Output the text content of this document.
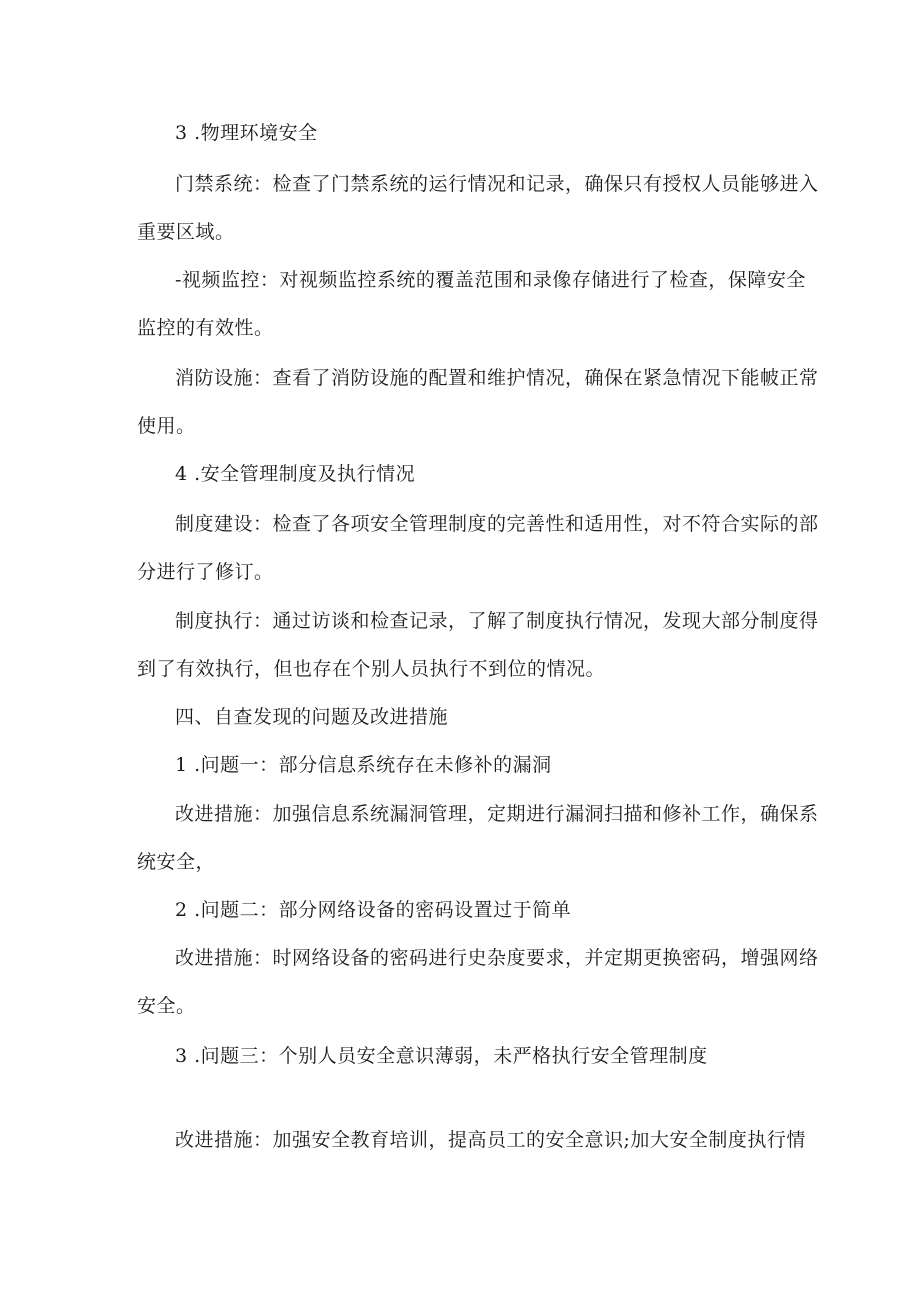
3 .物理环境安全
门禁系统：检查了门禁系统的运行情况和记录，确保只有授权人员能够进入
重要区域。
-视频监控：对视频监控系统的覆盖范围和录像存储进行了检查，保障安全
监控的有效性。
消防设施：查看了消防设施的配置和维护情况，确保在紧急情况下能帔正常
使用。
4 .安全管理制度及执行情况
制度建设：检查了各项安全管理制度的完善性和适用性，对不符合实际的部
分进行了修订。
制度执行：通过访谈和检查记录，了解了制度执行情况，发现大部分制度得
到了有效执行，但也存在个别人员执行不到位的情况。
四、自查发现的问题及改进措施
1 .问题一：部分信息系统存在未修补的漏洞
改进措施：加强信息系统漏洞管理，定期进行漏洞扫描和修补工作，确保系
统安全，
2 .问题二：部分网络设备的密码设置过于简单
改进措施：时网络设备的密码进行史杂度要求，并定期更换密码，增强网络
安全。
3 .问题三：个别人员安全意识薄弱，未严格执行安全管理制度
改进措施：加强安全教育培训，提高员工的安全意识;加大安全制度执行情
